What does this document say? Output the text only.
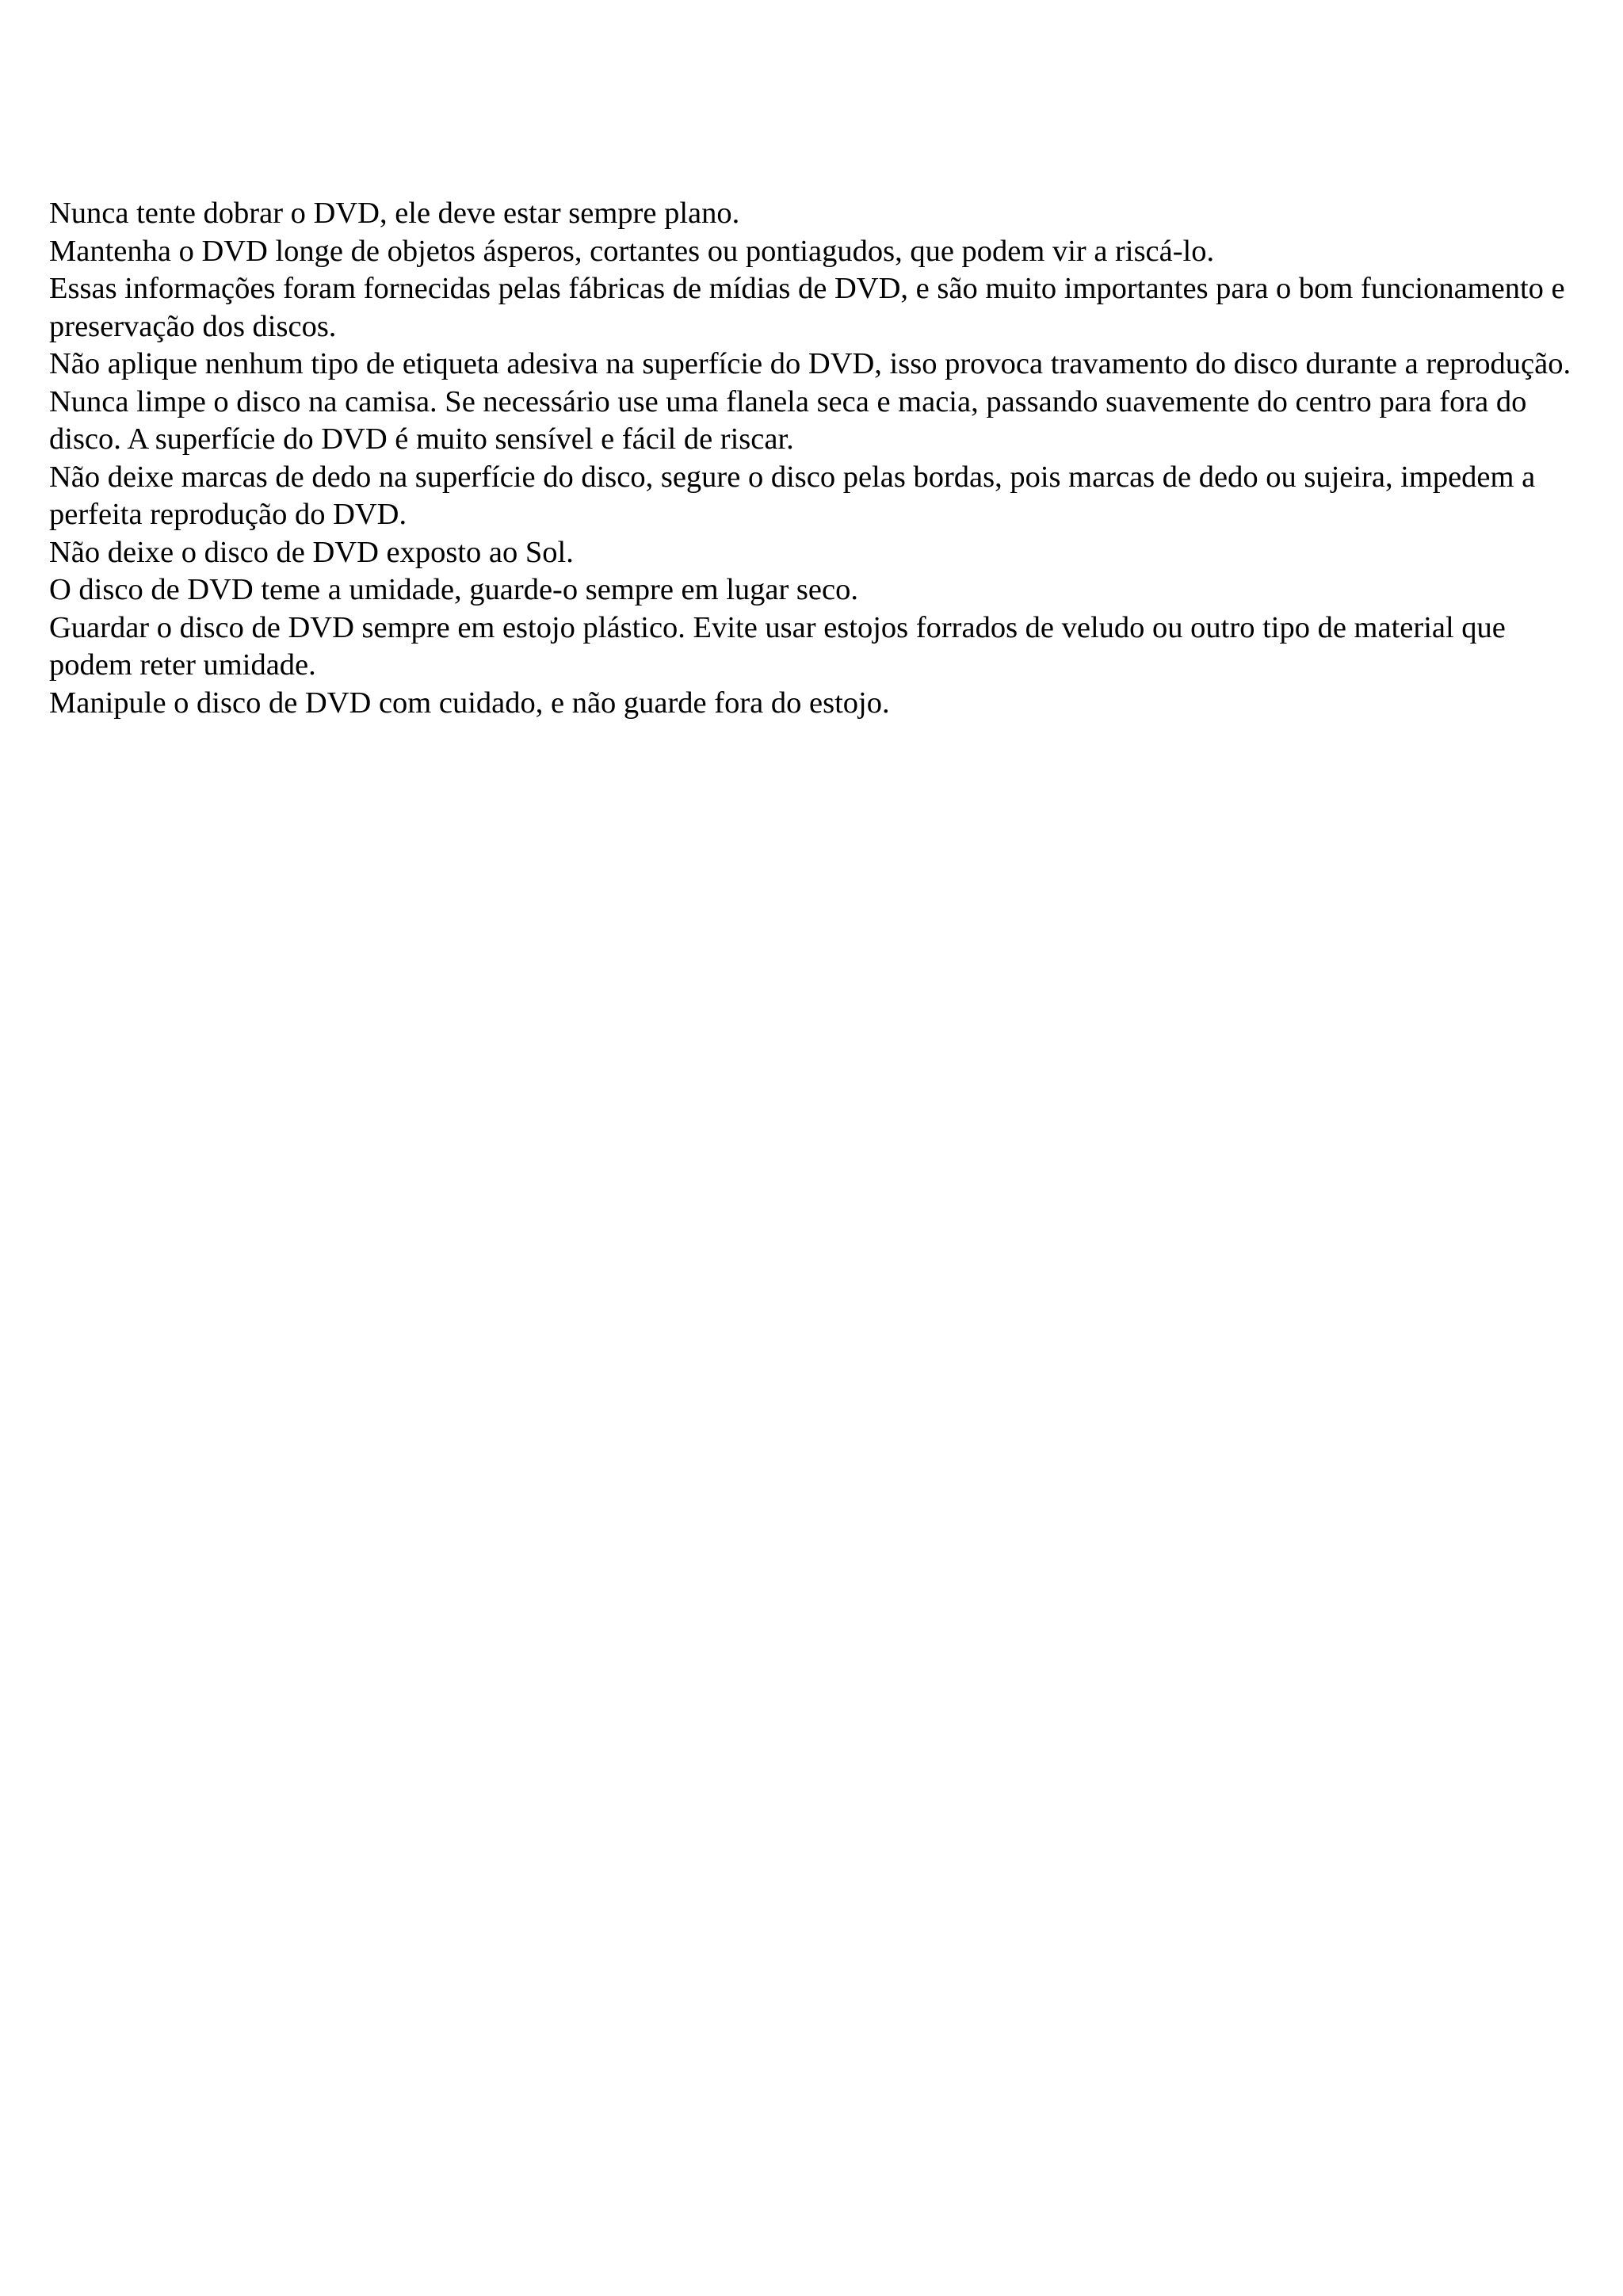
Nunca tente dobrar o DVD, ele deve estar sempre plano.

Mantenha o DVD longe de objetos ásperos, cortantes ou pontiagudos, que podem vir a riscá-lo.

Essas informações foram fornecidas pelas fábricas de mídias de DVD, e são muito importantes para o bom funcionamento e preservação dos discos.

Não aplique nenhum tipo de etiqueta adesiva na superfície do DVD, isso provoca travamento do disco durante a reprodução.

Nunca limpe o disco na camisa. Se necessário use uma flanela seca e macia, passando suavemente do centro para fora do disco. A superfície do DVD é muito sensível e fácil de riscar.

Não deixe marcas de dedo na superfície do disco, segure o disco pelas bordas, pois marcas de dedo ou sujeira, impedem a perfeita reprodução do DVD.

Não deixe o disco de DVD exposto ao Sol.

O disco de DVD teme a umidade, guarde-o sempre em lugar seco.

Guardar o disco de DVD sempre em estojo plástico. Evite usar estojos forrados de veludo ou outro tipo de material que podem reter umidade.

Manipule o disco de DVD com cuidado, e não guarde fora do estojo.
